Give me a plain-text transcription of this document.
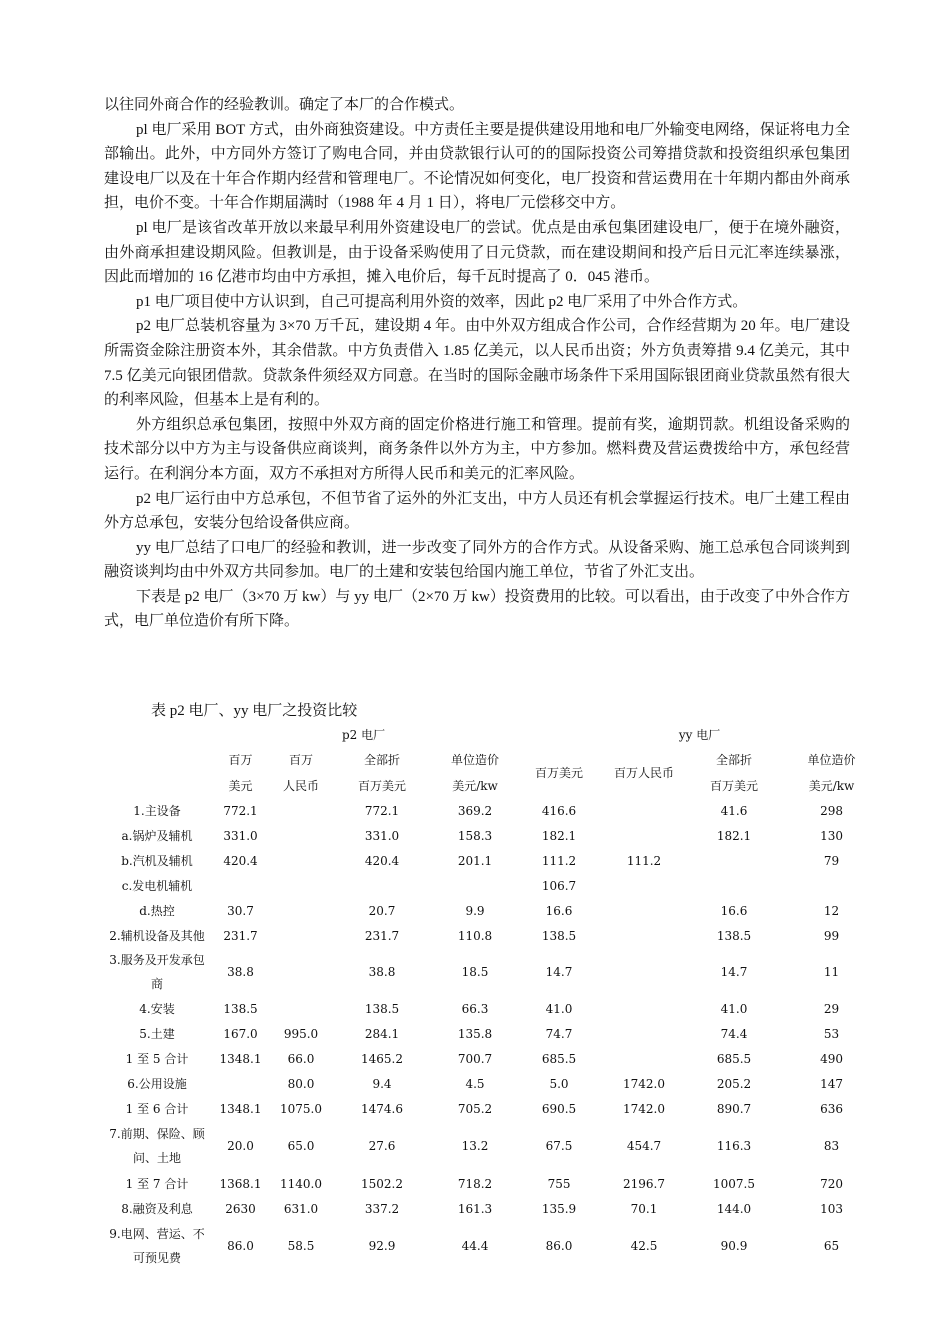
以往同外商合作的经验教训。确定了本厂的合作模式。

pl 电厂采用 BOT 方式，由外商独资建设。中方责任主要是提供建设用地和电厂外输变电网络，保证将电力全部输出。此外，中方同外方签订了购电合同，并由贷款银行认可的的国际投资公司筹措贷款和投资组织承包集团建设电厂以及在十年合作期内经营和管理电厂。不论情况如何变化，电厂投资和营运费用在十年期内都由外商承担，电价不变。十年合作期届满时（1988 年 4 月 1 日），将电厂元偿移交中方。

pl 电厂是该省改革开放以来最早利用外资建设电厂的尝试。优点是由承包集团建设电厂，便于在境外融资，由外商承担建设期风险。但教训是，由于设备采购使用了日元贷款，而在建设期间和投产后日元汇率连续暴涨，因此而增加的 16 亿港市均由中方承担，摊入电价后，每千瓦时提高了 0．045 港币。

p1 电厂项目使中方认识到，自己可提高利用外资的效率，因此 p2 电厂采用了中外合作方式。

p2 电厂总装机容量为 3×70 万千瓦，建设期 4 年。由中外双方组成合作公司，合作经营期为 20 年。电厂建设所需资金除注册资本外，其余借款。中方负责借入 1.85 亿美元，以人民币出资；外方负责筹措 9.4 亿美元，其中 7.5 亿美元向银团借款。贷款条件须经双方同意。在当时的国际金融市场条件下采用国际银团商业贷款虽然有很大的利率风险，但基本上是有利的。

外方组织总承包集团，按照中外双方商的固定价格进行施工和管理。提前有奖，逾期罚款。机组设备采购的技术部分以中方为主与设备供应商谈判，商务条件以外方为主，中方参加。燃料费及营运费拨给中方，承包经营运行。在利润分本方面，双方不承担对方所得人民币和美元的汇率风险。

p2 电厂运行由中方总承包，不但节省了运外的外汇支出，中方人员还有机会掌握运行技术。电厂土建工程由外方总承包，安装分包给设备供应商。

yy 电厂总结了口电厂的经验和教训，进一步改变了同外方的合作方式。从设备采购、施工总承包合同谈判到融资谈判均由中外双方共同参加。电厂的土建和安装包给国内施工单位，节省了外汇支出。

下表是 p2 电厂（3×70 万 kw）与 yy 电厂（2×70 万 kw）投资费用的比较。可以看出，由于改变了中外合作方式，电厂单位造价有所下降。

表 p2 电厂、yy 电厂之投资比较
	p2 电厂				yy 电厂			
	百万	百万	全部折	单位造价	百万美元	百万人民币	全部折	单位造价
	美元	人民币	百万美元	美元/kw			百万美元	美元/kw
1.主设备	772.1		772.1	369.2	416.6		41.6	298
a.锅炉及辅机	331.0		331.0	158.3	182.1		182.1	130
b.汽机及辅机	420.4		420.4	201.1	111.2	111.2		79
c.发电机辅机					106.7			
d.热控	30.7		20.7	9.9	16.6		16.6	12
2.辅机设备及其他	231.7		231.7	110.8	138.5		138.5	99
3.服务及开发承包商	38.8		38.8	18.5	14.7		14.7	11
4.安装	138.5		138.5	66.3	41.0		41.0	29
5.土建	167.0	995.0	284.1	135.8	74.7		74.4	53
1 至 5 合计	1348.1	66.0	1465.2	700.7	685.5		685.5	490
6.公用设施		80.0	9.4	4.5	5.0	1742.0	205.2	147
1 至 6 合计	1348.1	1075.0	1474.6	705.2	690.5	1742.0	890.7	636
7.前期、保险、顾问、土地	20.0	65.0	27.6	13.2	67.5	454.7	116.3	83
1 至 7 合计	1368.1	1140.0	1502.2	718.2	755	2196.7	1007.5	720
8.融资及利息	2630	631.0	337.2	161.3	135.9	70.1	144.0	103
9.电网、营运、不可预见费	86.0	58.5	92.9	44.4	86.0	42.5	90.9	65
